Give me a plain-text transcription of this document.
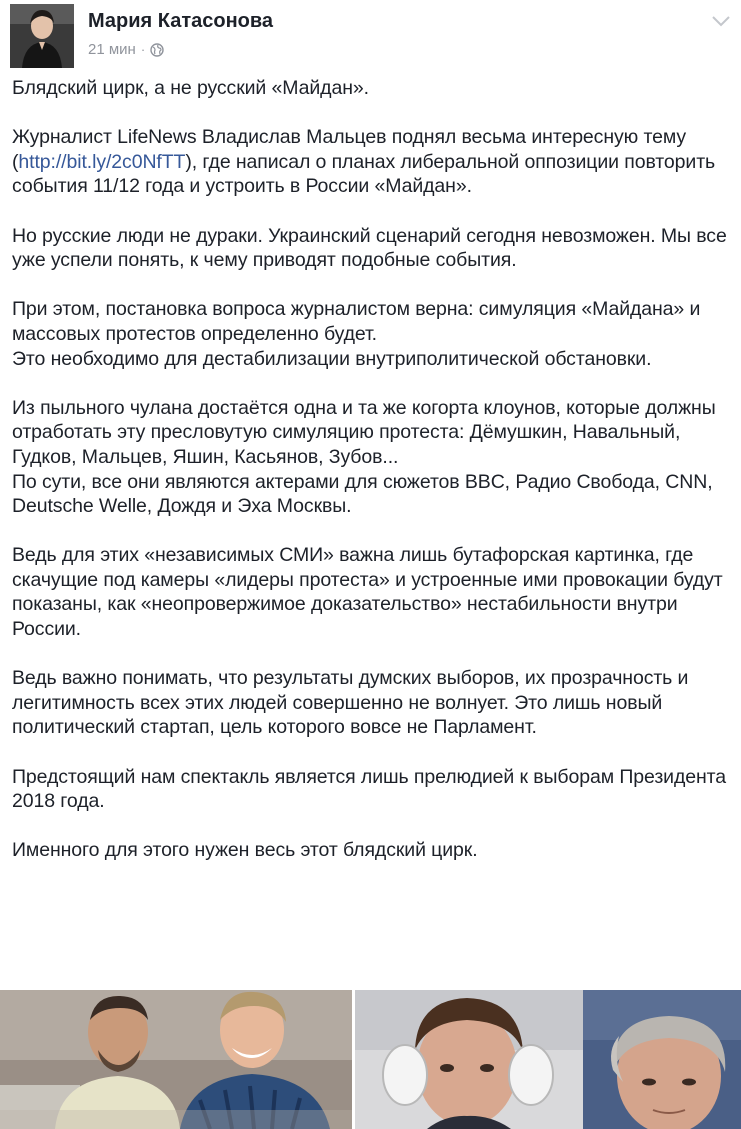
Мария Катасонова
21 мин ·

Блядский цирк, а не русский «Майдан».

Журналист LifeNews Владислав Мальцев поднял весьма интересную тему (http://bit.ly/2c0NfTT), где написал о планах либеральной оппозиции повторить события 11/12 года и устроить в России «Майдан».

Но русские люди не дураки. Украинский сценарий сегодня невозможен. Мы все уже успели понять, к чему приводят подобные события.

При этом, постановка вопроса журналистом верна: симуляция «Майдана» и массовых протестов определенно будет.
Это необходимо для дестабилизации внутриполитической обстановки.

Из пыльного чулана достаётся одна и та же когорта клоунов, которые должны отработать эту пресловутую симуляцию протеста: Дёмушкин, Навальный, Гудков, Мальцев, Яшин, Касьянов, Зубов...
По сути, все они являются актерами для сюжетов BBC, Радио Свобода, CNN, Deutsche Welle, Дождя и Эха Москвы.

Ведь для этих «независимых СМИ» важна лишь бутафорская картинка, где скачущие под камеры «лидеры протеста» и устроенные ими провокации будут показаны, как «неопровержимое доказательство» нестабильности внутри России.

Ведь важно понимать, что результаты думских выборов, их прозрачность и легитимность всех этих людей совершенно не волнует. Это лишь новый политический стартап, цель которого вовсе не Парламент.

Предстоящий нам спектакль является лишь прелюдией к выборам Президента 2018 года.

Именного для этого нужен весь этот блядский цирк.
